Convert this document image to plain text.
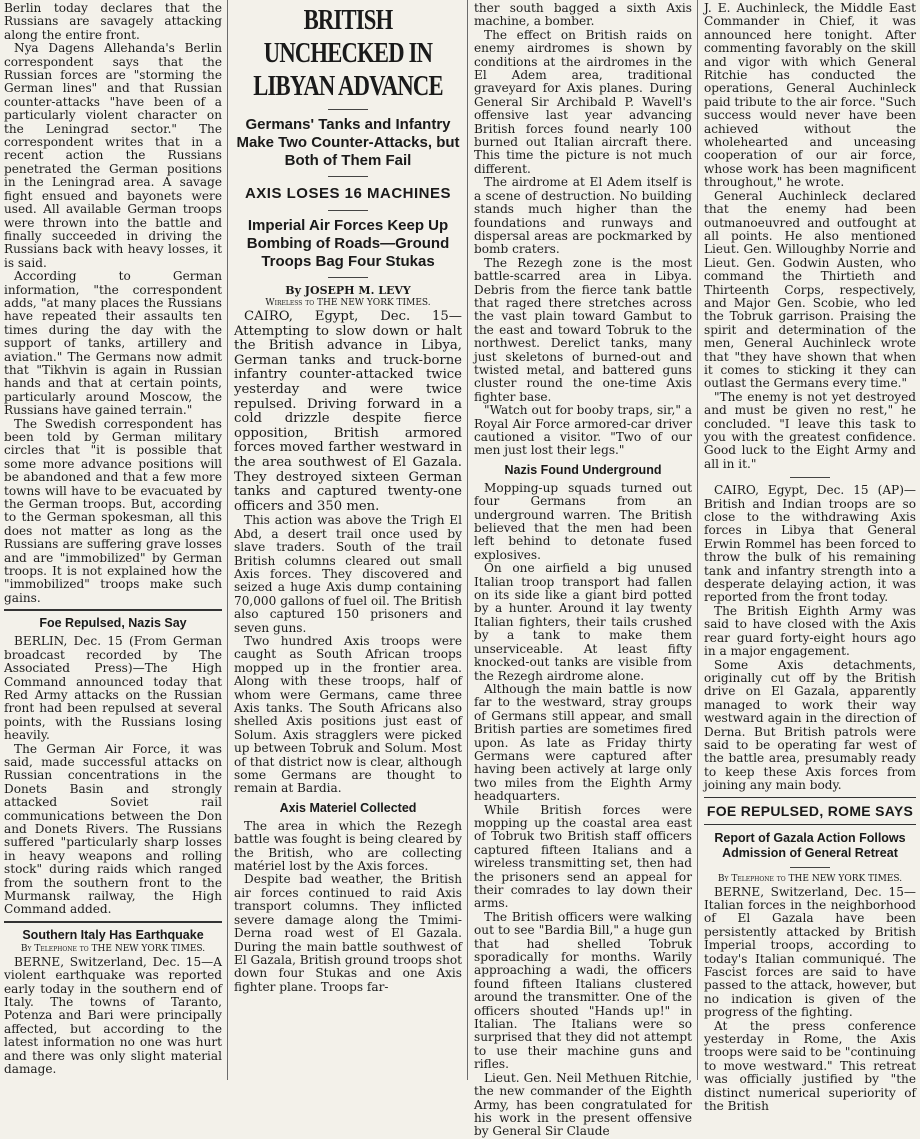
Berlin today declares that the Russians are savagely attacking along the entire front.

Nya Dagens Allehanda's Berlin correspondent says that the Russian forces are "storming the German lines" and that Russian counter-attacks "have been of a particularly violent character on the Leningrad sector." The correspondent writes that in a recent action the Russians penetrated the German positions in the Leningrad area. A savage fight ensued and bayonets were used. All available German troops were thrown into the battle and finally succeeded in driving the Russians back with heavy losses, it is said.

According to German information, "the correspondent adds, "at many places the Russians have repeated their assaults ten times during the day with the support of tanks, artillery and aviation." The Germans now admit that "Tikhvin is again in Russian hands and that at certain points, particularly around Moscow, the Russians have gained terrain."

The Swedish correspondent has been told by German military circles that "it is possible that some more advance positions will be abandoned and that a few more towns will have to be evacuated by the German troops. But, according to the German spokesman, all this does not matter as long as the Russians are suffering grave losses and are "immobilized" by German troops. It is not explained how the "immobilized" troops make such gains.

Foe Repulsed, Nazis Say

BERLIN, Dec. 15 (From German broadcast recorded by The Associated Press)—The High Command announced today that Red Army attacks on the Russian front had been repulsed at several points, with the Russians losing heavily.

The German Air Force, it was said, made successful attacks on Russian concentrations in the Donets Basin and strongly attacked Soviet rail communications between the Don and Donets Rivers. The Russians suffered "particularly sharp losses in heavy weapons and rolling stock" during raids which ranged from the southern front to the Murmansk railway, the High Command added.

Southern Italy Has Earthquake
By Telephone to THE NEW YORK TIMES.

BERNE, Switzerland, Dec. 15—A violent earthquake was reported early today in the southern end of Italy. The towns of Taranto, Potenza and Bari were principally affected, but according to the latest information no one was hurt and there was only slight material damage.

BRITISH UNCHECKED IN LIBYAN ADVANCE
Germans' Tanks and Infantry Make Two Counter-Attacks, but Both of Them Fail
AXIS LOSES 16 MACHINES
Imperial Air Forces Keep Up Bombing of Roads—Ground Troops Bag Four Stukas
By JOSEPH M. LEVY
Wireless to THE NEW YORK TIMES.

CAIRO, Egypt, Dec. 15—Attempting to slow down or halt the British advance in Libya, German tanks and truck-borne infantry counter-attacked twice yesterday and were twice repulsed. Driving forward in a cold drizzle despite fierce opposition, British armored forces moved farther westward in the area southwest of El Gazala. They destroyed sixteen German tanks and captured twenty-one officers and 350 men.

This action was above the Trigh El Abd, a desert trail once used by slave traders. South of the trail British columns cleared out small Axis forces. They discovered and seized a huge Axis dump containing 70,000 gallons of fuel oil. The British also captured 150 prisoners and seven guns.

Two hundred Axis troops were caught as South African troops mopped up in the frontier area. Along with these troops, half of whom were Germans, came three Axis tanks. The South Africans also shelled Axis positions just east of Solum. Axis stragglers were picked up between Tobruk and Solum. Most of that district now is clear, although some Germans are thought to remain at Bardia.

Axis Materiel Collected

The area in which the Rezegh battle was fought is being cleared by the British, who are collecting matériel lost by the Axis forces.

Despite bad weather, the British air forces continued to raid Axis transport columns. They inflicted severe damage along the Tmimi-Derna road west of El Gazala. During the main battle southwest of El Gazala, British ground troops shot down four Stukas and one Axis fighter plane. Troops far-

ther south bagged a sixth Axis machine, a bomber.

The effect on British raids on enemy airdromes is shown by conditions at the airdromes in the El Adem area, traditional graveyard for Axis planes. During General Sir Archibald P. Wavell's offensive last year advancing British forces found nearly 100 burned out Italian aircraft there. This time the picture is not much different.

The airdrome at El Adem itself is a scene of destruction. No building stands much higher than the foundations and runways and dispersal areas are pockmarked by bomb craters.

The Rezegh zone is the most battle-scarred area in Libya. Debris from the fierce tank battle that raged there stretches across the vast plain toward Gambut to the east and toward Tobruk to the northwest. Derelict tanks, many just skeletons of burned-out and twisted metal, and battered guns cluster round the one-time Axis fighter base.

"Watch out for booby traps, sir," a Royal Air Force armored-car driver cautioned a visitor. "Two of our men just lost their legs."

Nazis Found Underground

Mopping-up squads turned out four Germans from an underground warren. The British believed that the men had been left behind to detonate fused explosives.

On one airfield a big unused Italian troop transport had fallen on its side like a giant bird potted by a hunter. Around it lay twenty Italian fighters, their tails crushed by a tank to make them unserviceable. At least fifty knocked-out tanks are visible from the Rezegh airdrome alone.

Although the main battle is now far to the westward, stray groups of Germans still appear, and small British parties are sometimes fired upon. As late as Friday thirty Germans were captured after having been actively at large only two miles from the Eighth Army headquarters.

While British forces were mopping up the coastal area east of Tobruk two British staff officers captured fifteen Italians and a wireless transmitting set, then had the prisoners send an appeal for their comrades to lay down their arms.

The British officers were walking out to see "Bardia Bill," a huge gun that had shelled Tobruk sporadically for months. Warily approaching a wadi, the officers found fifteen Italians clustered around the transmitter. One of the officers shouted "Hands up!" in Italian. The Italians were so surprised that they did not attempt to use their machine guns and rifles.

Lieut. Gen. Neil Methuen Ritchie, the new commander of the Eighth Army, has been congratulated for his work in the present offensive by General Sir Claude

J. E. Auchinleck, the Middle East Commander in Chief, it was announced here tonight. After commenting favorably on the skill and vigor with which General Ritchie has conducted the operations, General Auchinleck paid tribute to the air force. "Such success would never have been achieved without the wholehearted and unceasing cooperation of our air force, whose work has been magnificent throughout," he wrote.

General Auchinleck declared that the enemy had been outmanoeuvred and outfought at all points. He also mentioned Lieut. Gen. Willoughby Norrie and Lieut. Gen. Godwin Austen, who command the Thirtieth and Thirteenth Corps, respectively, and Major Gen. Scobie, who led the Tobruk garrison. Praising the spirit and determination of the men, General Auchinleck wrote that "they have shown that when it comes to sticking it they can outlast the Germans every time."

"The enemy is not yet destroyed and must be given no rest," he concluded. "I leave this task to you with the greatest confidence. Good luck to the Eight Army and all in it."

CAIRO, Egypt, Dec. 15 (AP)—British and Indian troops are so close to the withdrawing Axis forces in Libya that General Erwin Rommel has been forced to throw the bulk of his remaining tank and infantry strength into a desperate delaying action, it was reported from the front today.

The British Eighth Army was said to have closed with the Axis rear guard forty-eight hours ago in a major engagement.

Some Axis detachments, originally cut off by the British drive on El Gazala, apparently managed to work their way westward again in the direction of Derna. But British patrols were said to be operating far west of the battle area, presumably ready to keep these Axis forces from joining any main body.

FOE REPULSED, ROME SAYS
Report of Gazala Action Follows Admission of General Retreat
By Telephone to THE NEW YORK TIMES.

BERNE, Switzerland, Dec. 15—Italian forces in the neighborhood of El Gazala have been persistently attacked by British Imperial troops, according to today's Italian communiqué. The Fascist forces are said to have passed to the attack, however, but no indication is given of the progress of the fighting.

At the press conference yesterday in Rome, the Axis troops were said to be "continuing to move westward." This retreat was officially justified by "the distinct numerical superiority of the British
